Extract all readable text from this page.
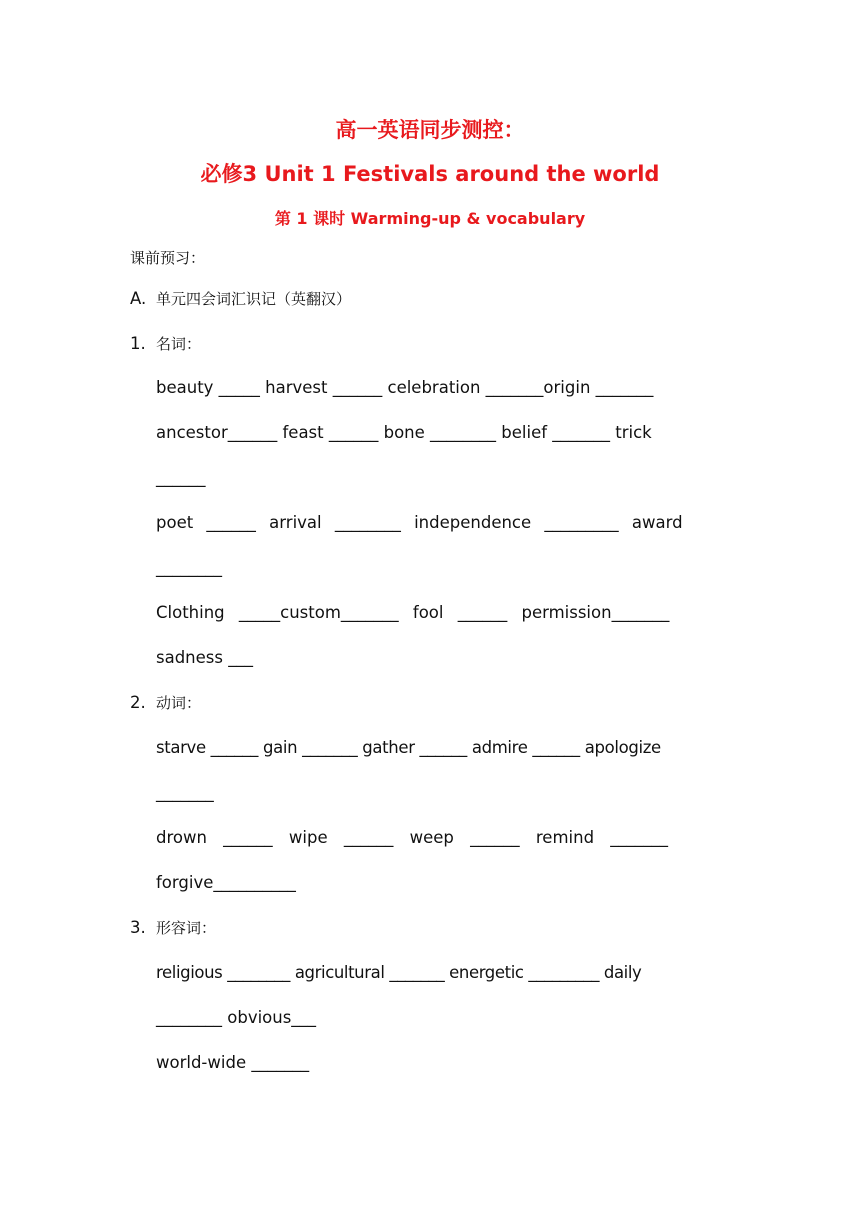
高一英语同步测控：
必修3 Unit 1 Festivals around the world
第 1 课时 Warming-up & vocabulary
课前预习：
A. 单元四会词汇识记（英翻汉）
1. 名词：
beauty _____ harvest ______ celebration _______origin _______
ancestor______ feast ______ bone ________ belief _______ trick
______
poet ______ arrival ________ independence _________ award
________
Clothing _____custom_______ fool ______ permission_______
sadness ___
2. 动词：
starve ______ gain _______ gather ______ admire ______ apologize
_______
drown ______ wipe ______ weep ______ remind _______
forgive__________
3. 形容词：
religious ________ agricultural _______ energetic _________ daily
________ obvious___
world-wide _______
